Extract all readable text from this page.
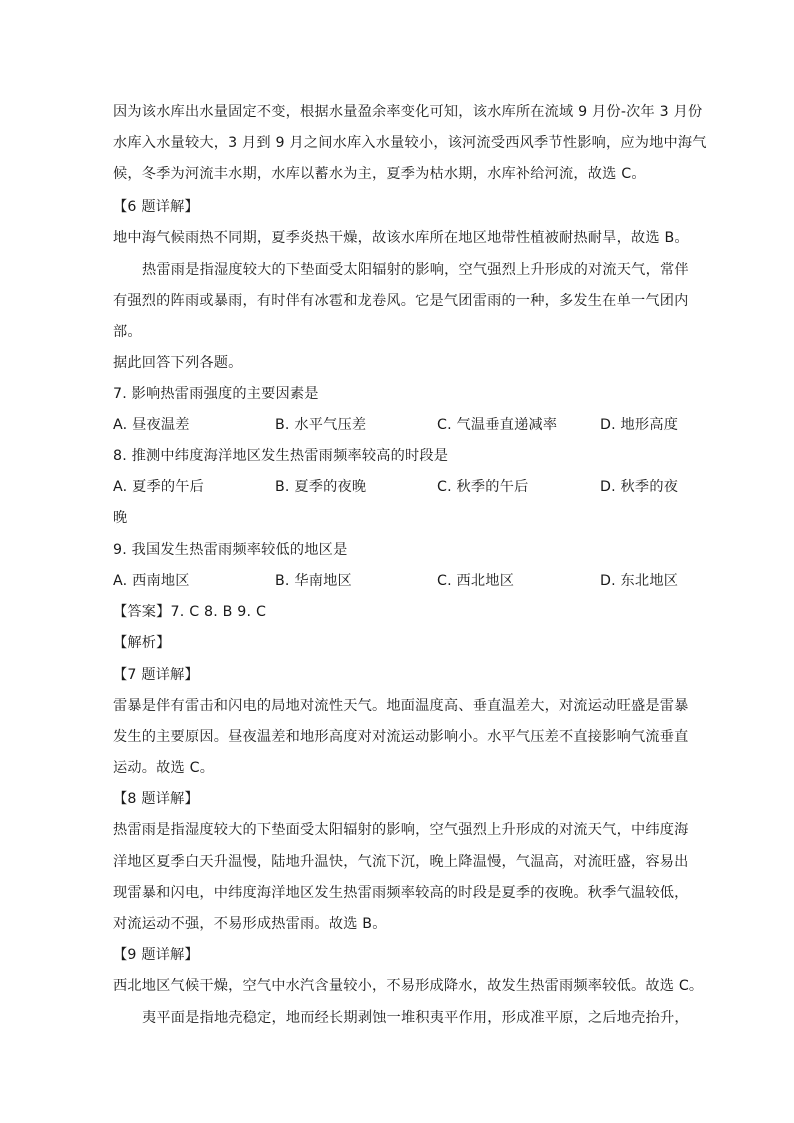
因为该水库出水量固定不变，根据水量盈余率变化可知，该水库所在流域 9 月份-次年 3 月份
水库入水量较大，3 月到 9 月之间水库入水量较小，该河流受西风季节性影响，应为地中海气
候，冬季为河流丰水期，水库以蓄水为主，夏季为枯水期，水库补给河流，故选 C。
【6 题详解】
地中海气候雨热不同期，夏季炎热干燥，故该水库所在地区地带性植被耐热耐旱，故选 B。
热雷雨是指湿度较大的下垫面受太阳辐射的影响，空气强烈上升形成的对流天气，常伴
有强烈的阵雨或暴雨，有时伴有冰雹和龙卷风。它是气团雷雨的一种，多发生在单一气团内
部。
据此回答下列各题。
7. 影响热雷雨强度的主要因素是
A. 昼夜温差	B. 水平气压差	C. 气温垂直递减率	D. 地形高度
8. 推测中纬度海洋地区发生热雷雨频率较高的时段是
A. 夏季的午后	B. 夏季的夜晚	C. 秋季的午后	D. 秋季的夜
晚
9. 我国发生热雷雨频率较低的地区是
A. 西南地区	B. 华南地区	C. 西北地区	D. 东北地区
【答案】7. C 8. B 9. C
【解析】
【7 题详解】
雷暴是伴有雷击和闪电的局地对流性天气。地面温度高、垂直温差大，对流运动旺盛是雷暴
发生的主要原因。昼夜温差和地形高度对对流运动影响小。水平气压差不直接影响气流垂直
运动。故选 C。
【8 题详解】
热雷雨是指湿度较大的下垫面受太阳辐射的影响，空气强烈上升形成的对流天气，中纬度海
洋地区夏季白天升温慢，陆地升温快，气流下沉，晚上降温慢，气温高，对流旺盛，容易出
现雷暴和闪电，中纬度海洋地区发生热雷雨频率较高的时段是夏季的夜晚。秋季气温较低，
对流运动不强，不易形成热雷雨。故选 B。
【9 题详解】
西北地区气候干燥，空气中水汽含量较小，不易形成降水，故发生热雷雨频率较低。故选 C。
夷平面是指地壳稳定，地而经长期剥蚀一堆积夷平作用，形成准平原，之后地壳抬升，
